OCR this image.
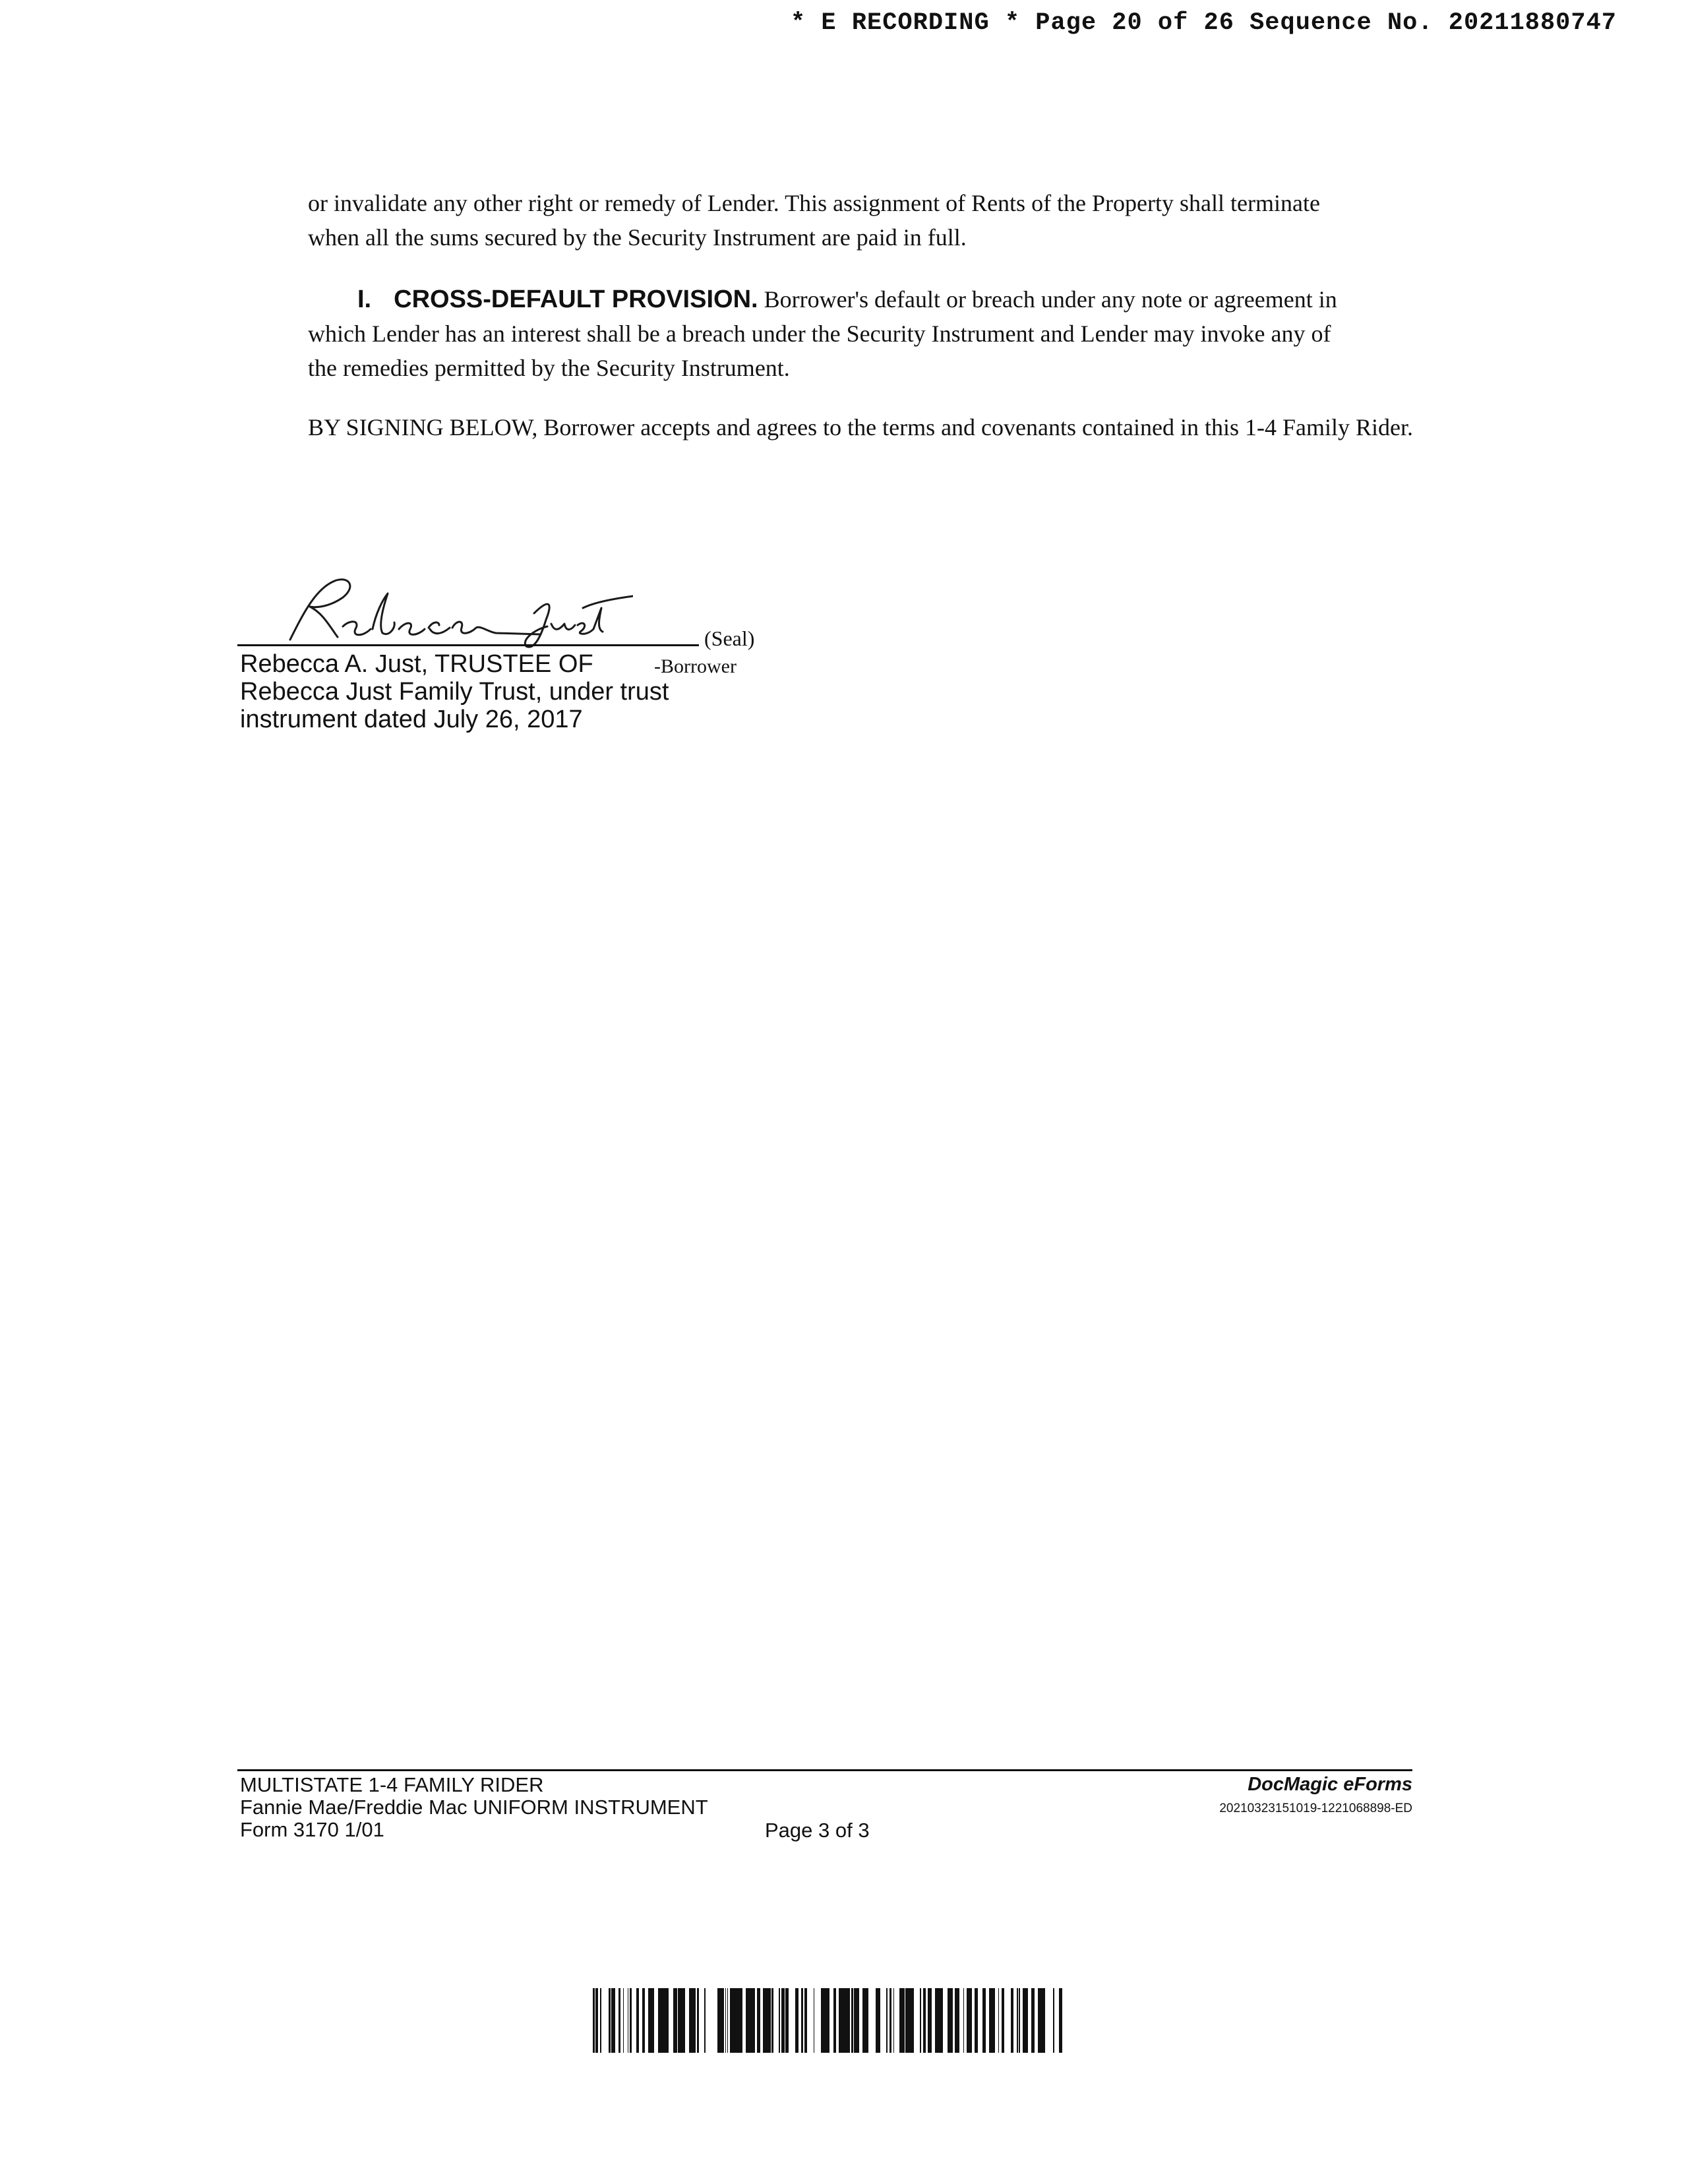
* E RECORDING * Page 20 of 26 Sequence No. 20211880747
or invalidate any other right or remedy of Lender. This assignment of Rents of the Property shall terminate when all the sums secured by the Security Instrument are paid in full.
I. CROSS-DEFAULT PROVISION. Borrower's default or breach under any note or agreement in which Lender has an interest shall be a breach under the Security Instrument and Lender may invoke any of the remedies permitted by the Security Instrument.
BY SIGNING BELOW, Borrower accepts and agrees to the terms and covenants contained in this 1-4 Family Rider.
(Seal)
Rebecca A. Just, TRUSTEE OF	-Borrower
Rebecca Just Family Trust, under trust
instrument dated July 26, 2017
MULTISTATE 1-4 FAMILY RIDER
Fannie Mae/Freddie Mac UNIFORM INSTRUMENT
Form 3170 1/01	Page 3 of 3
DocMagic eForms
20210323151019-1221068898-ED
